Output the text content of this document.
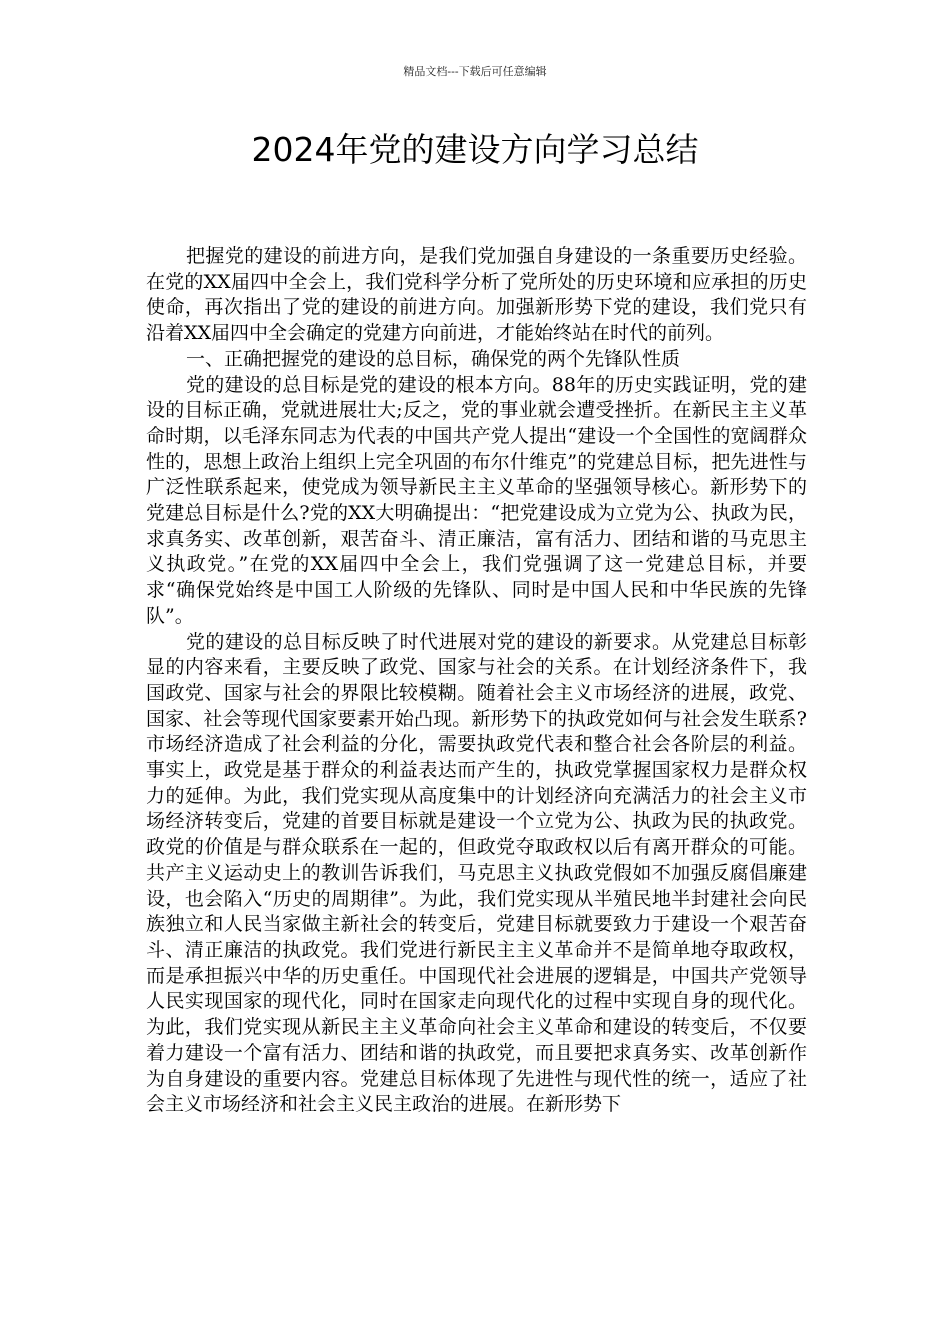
精品文档---下载后可任意编辑
2024年党的建设方向学习总结

把握党的建设的前进方向，是我们党加强自身建设的一条重要历史经验。在党的XX届四中全会上，我们党科学分析了党所处的历史环境和应承担的历史使命，再次指出了党的建设的前进方向。加强新形势下党的建设，我们党只有沿着XX届四中全会确定的党建方向前进，才能始终站在时代的前列。

一、正确把握党的建设的总目标，确保党的两个先锋队性质

党的建设的总目标是党的建设的根本方向。88年的历史实践证明，党的建设的目标正确，党就进展壮大;反之，党的事业就会遭受挫折。在新民主主义革命时期，以毛泽东同志为代表的中国共产党人提出“建设一个全国性的宽阔群众性的，思想上政治上组织上完全巩固的布尔什维克”的党建总目标，把先进性与广泛性联系起来，使党成为领导新民主主义革命的坚强领导核心。新形势下的党建总目标是什么?党的XX大明确提出：“把党建设成为立党为公、执政为民，求真务实、改革创新，艰苦奋斗、清正廉洁，富有活力、团结和谐的马克思主义执政党。”在党的XX届四中全会上，我们党强调了这一党建总目标，并要求“确保党始终是中国工人阶级的先锋队、同时是中国人民和中华民族的先锋队”。

党的建设的总目标反映了时代进展对党的建设的新要求。从党建总目标彰显的内容来看，主要反映了政党、国家与社会的关系。在计划经济条件下，我国政党、国家与社会的界限比较模糊。随着社会主义市场经济的进展，政党、国家、社会等现代国家要素开始凸现。新形势下的执政党如何与社会发生联系?市场经济造成了社会利益的分化，需要执政党代表和整合社会各阶层的利益。事实上，政党是基于群众的利益表达而产生的，执政党掌握国家权力是群众权力的延伸。为此，我们党实现从高度集中的计划经济向充满活力的社会主义市场经济转变后，党建的首要目标就是建设一个立党为公、执政为民的执政党。政党的价值是与群众联系在一起的，但政党夺取政权以后有离开群众的可能。共产主义运动史上的教训告诉我们，马克思主义执政党假如不加强反腐倡廉建设，也会陷入“历史的周期律”。为此，我们党实现从半殖民地半封建社会向民族独立和人民当家做主新社会的转变后，党建目标就要致力于建设一个艰苦奋斗、清正廉洁的执政党。我们党进行新民主主义革命并不是简单地夺取政权，而是承担振兴中华的历史重任。中国现代社会进展的逻辑是，中国共产党领导人民实现国家的现代化，同时在国家走向现代化的过程中实现自身的现代化。为此，我们党实现从新民主主义革命向社会主义革命和建设的转变后，不仅要着力建设一个富有活力、团结和谐的执政党，而且要把求真务实、改革创新作为自身建设的重要内容。党建总目标体现了先进性与现代性的统一，适应了社会主义市场经济和社会主义民主政治的进展。在新形势下
